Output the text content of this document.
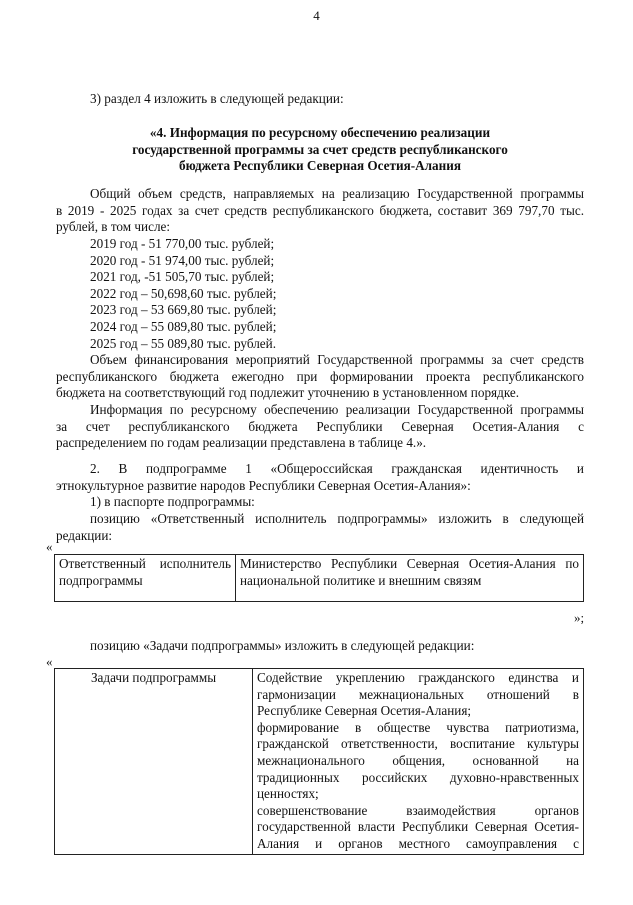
4
3) раздел 4 изложить в следующей редакции:
«4. Информация по ресурсному обеспечению реализации
государственной программы за счет средств республиканского
бюджета Республики Северная Осетия-Алания
Общий объем средств, направляемых на реализацию Государственной программы
в 2019 - 2025 годах за счет средств республиканского бюджета, составит 369 797,70 тыс.
рублей, в том числе:
2019 год - 51 770,00 тыс. рублей;
2020 год - 51 974,00 тыс. рублей;
2021 год, -51 505,70 тыс. рублей;
2022 год – 50,698,60 тыс. рублей;
2023 год – 53 669,80 тыс. рублей;
2024 год – 55 089,80 тыс. рублей;
2025 год – 55 089,80 тыс. рублей.
Объем финансирования мероприятий Государственной программы за счет средств
республиканского бюджета ежегодно при формировании проекта республиканского
бюджета на соответствующий год подлежит уточнению в установленном порядке.
Информация по ресурсному обеспечению реализации Государственной программы
за счет республиканского бюджета Республики Северная Осетия-Алания с
распределением по годам реализации представлена в таблице 4.».
2. В подпрограмме 1 «Общероссийская гражданская идентичность и
этнокультурное развитие народов Республики Северная Осетия-Алания»:
1) в паспорте подпрограммы:
позицию «Ответственный исполнитель подпрограммы» изложить в следующей
редакции:
«
Ответственный исполнитель подпрограммы	Министерство Республики Северная Осетия-Алания по национальной политике и внешним связям
»;
позицию «Задачи подпрограммы» изложить в следующей редакции:
«
Задачи подпрограммы	Содействие укреплению гражданского единства и
гармонизации межнациональных отношений в
Республике Северная Осетия-Алания;
формирование в обществе чувства патриотизма,
гражданской ответственности, воспитание культуры
межнационального общения, основанной на
традиционных российских духовно-нравственных
ценностях;
совершенствование взаимодействия органов
государственной власти Республики Северная Осетия-
Алания и органов местного самоуправления с
